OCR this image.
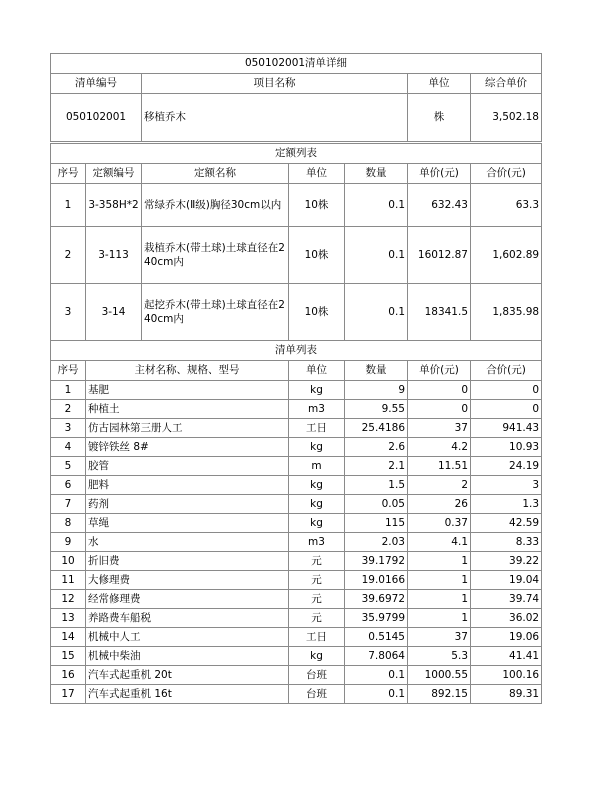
050102001清单详细			
清单编号	项目名称	单位	综合单价
050102001	移植乔木	株	3,502.18
定额列表						
序号	定额编号	定额名称	单位	数量	单价(元)	合价(元)
1	3-358H*2	常绿乔木(Ⅱ级)胸径30cm以内	10株	0.1	632.43	63.3
2	3-113	栽植乔木(带土球)土球直径在240cm内	10株	0.1	16012.87	1,602.89
3	3-14	起挖乔木(带土球)土球直径在240cm内	10株	0.1	18341.5	1,835.98
清单列表						
序号	主材名称、规格、型号		单位	数量	单价(元)	合价(元)
1	基肥		kg	9	0	0
2	种植土		m3	9.55	0	0
3	仿古园林第三册人工		工日	25.4186	37	941.43
4	镀锌铁丝 8#		kg	2.6	4.2	10.93
5	胶管		m	2.1	11.51	24.19
6	肥料		kg	1.5	2	3
7	药剂		kg	0.05	26	1.3
8	草绳		kg	115	0.37	42.59
9	水		m3	2.03	4.1	8.33
10	折旧费		元	39.1792	1	39.22
11	大修理费		元	19.0166	1	19.04
12	经常修理费		元	39.6972	1	39.74
13	养路费车船税		元	35.9799	1	36.02
14	机械中人工		工日	0.5145	37	19.06
15	机械中柴油		kg	7.8064	5.3	41.41
16	汽车式起重机 20t		台班	0.1	1000.55	100.16
17	汽车式起重机 16t		台班	0.1	892.15	89.31
